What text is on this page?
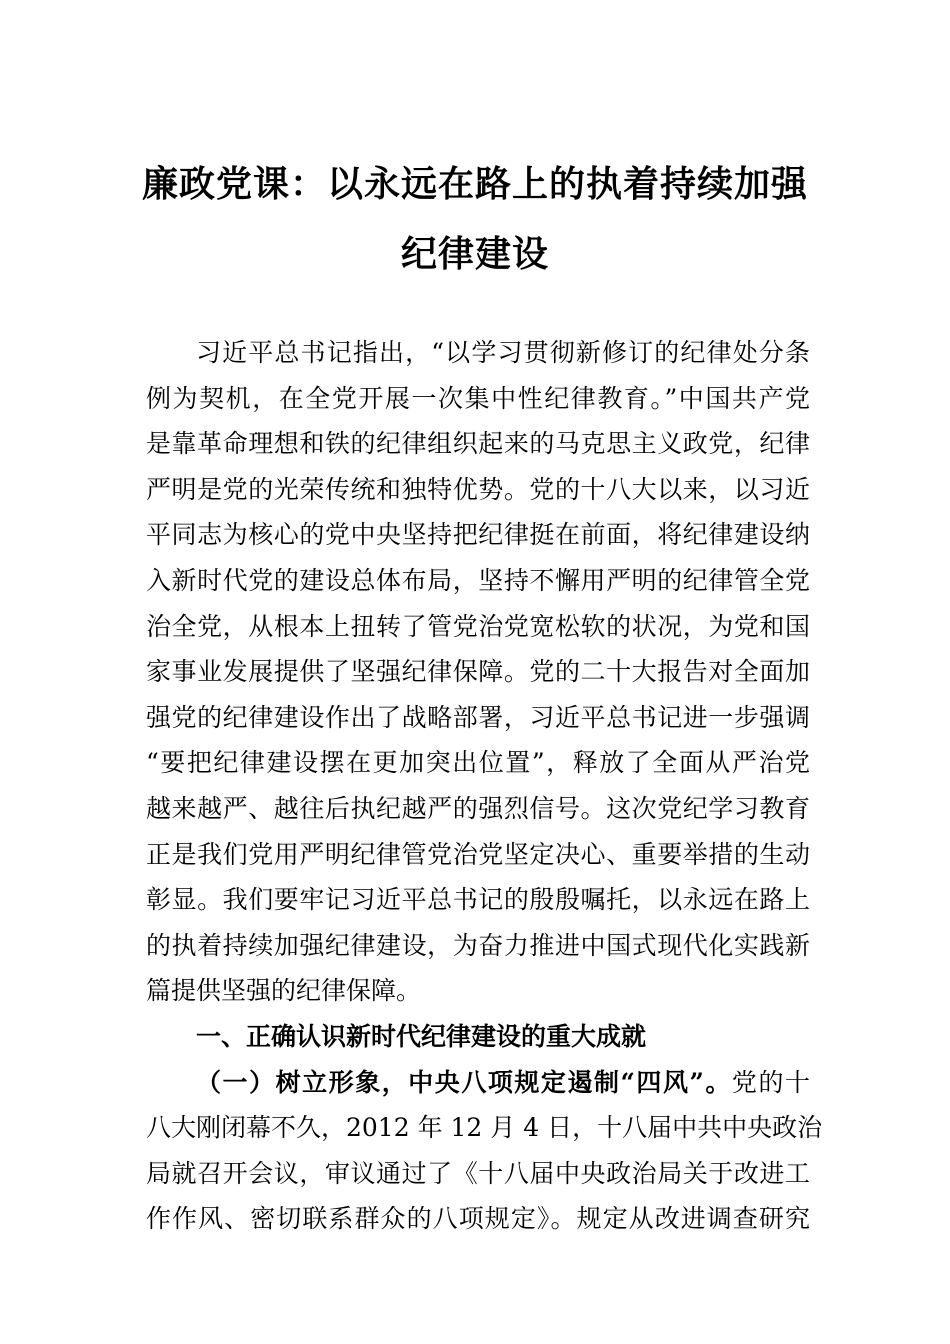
廉政党课：以永远在路上的执着持续加强
纪律建设
习近平总书记指出，“以学习贯彻新修订的纪律处分条
例为契机，在全党开展一次集中性纪律教育。”中国共产党
是靠革命理想和铁的纪律组织起来的马克思主义政党，纪律
严明是党的光荣传统和独特优势。党的十八大以来，以习近
平同志为核心的党中央坚持把纪律挺在前面，将纪律建设纳
入新时代党的建设总体布局，坚持不懈用严明的纪律管全党
治全党，从根本上扭转了管党治党宽松软的状况，为党和国
家事业发展提供了坚强纪律保障。党的二十大报告对全面加
强党的纪律建设作出了战略部署，习近平总书记进一步强调
“要把纪律建设摆在更加突出位置”，释放了全面从严治党
越来越严、越往后执纪越严的强烈信号。这次党纪学习教育
正是我们党用严明纪律管党治党坚定决心、重要举措的生动
彰显。我们要牢记习近平总书记的殷殷嘱托，以永远在路上
的执着持续加强纪律建设，为奋力推进中国式现代化实践新
篇提供坚强的纪律保障。
一、正确认识新时代纪律建设的重大成就
（一）树立形象，中央八项规定遏制“四风”。党的十
八大刚闭幕不久，2012 年 12 月 4 日，十八届中共中央政治
局就召开会议，审议通过了《十八届中央政治局关于改进工
作作风、密切联系群众的八项规定》。规定从改进调查研究
